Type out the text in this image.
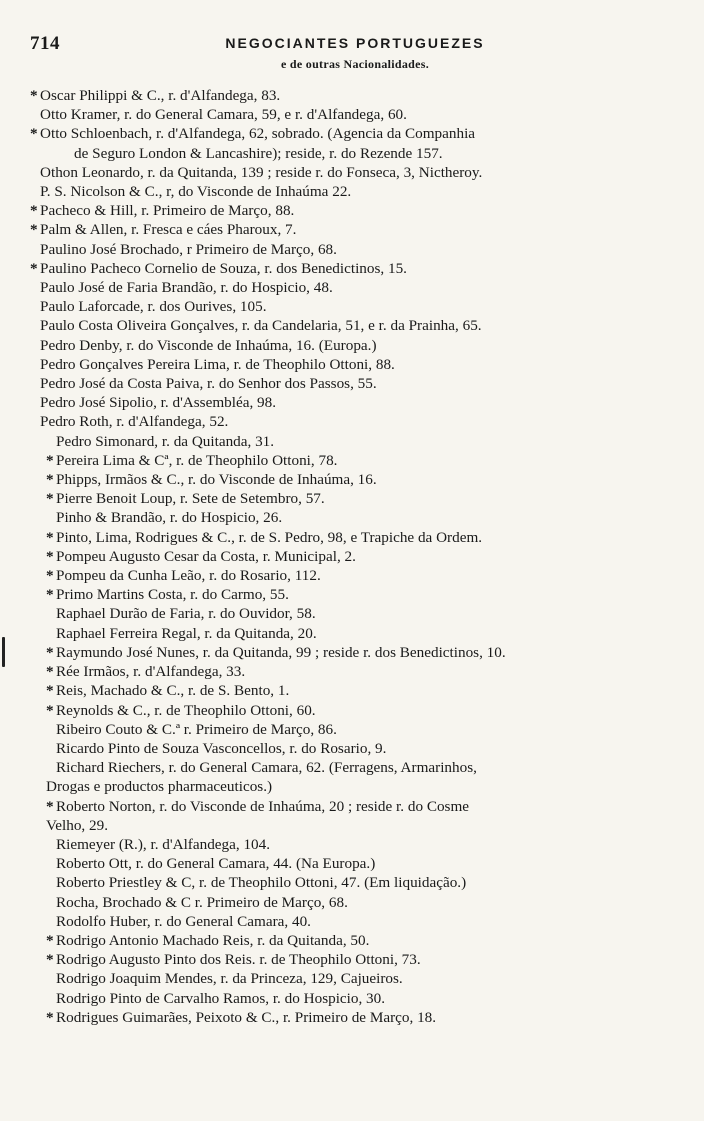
714	NEGOCIANTES PORTUGUEZES
e de outras Nacionalidades.
* Oscar Philippi & C., r. d'Alfandega, 83.
Otto Kramer, r. do General Camara, 59, e r. d'Alfandega, 60.
* Otto Schloenbach, r. d'Alfandega, 62, sobrado. (Agencia da Companhia
de Seguro London & Lancashire); reside, r. do Rezende 157.
Othon Leonardo, r. da Quitanda, 139 ; reside r. do Fonseca, 3, Nictheroy.
P. S. Nicolson & C., r, do Visconde de Inhaúma 22.
* Pacheco & Hill, r. Primeiro de Março, 88.
* Palm & Allen, r. Fresca e cáes Pharoux, 7.
Paulino José Brochado, r Primeiro de Março, 68.
* Paulino Pacheco Cornelio de Souza, r. dos Benedictinos, 15.
Paulo José de Faria Brandão, r. do Hospicio, 48.
Paulo Laforcade, r. dos Ourives, 105.
Paulo Costa Oliveira Gonçalves, r. da Candelaria, 51, e r. da Prainha, 65.
Pedro Denby, r. do Visconde de Inhaúma, 16. (Europa.)
Pedro Gonçalves Pereira Lima, r. de Theophilo Ottoni, 88.
Pedro José da Costa Paiva, r. do Senhor dos Passos, 55.
Pedro José Sipolio, r. d'Assembléa, 98.
Pedro Roth, r. d'Alfandega, 52.
Pedro Simonard, r. da Quitanda, 31.
* Pereira Lima & Cª, r. de Theophilo Ottoni, 78.
* Phipps, Irmãos & C., r. do Visconde de Inhaúma, 16.
* Pierre Benoit Loup, r. Sete de Setembro, 57.
Pinho & Brandão, r. do Hospicio, 26.
* Pinto, Lima, Rodrigues & C., r. de S. Pedro, 98, e Trapiche da Ordem.
* Pompeu Augusto Cesar da Costa, r. Municipal, 2.
* Pompeu da Cunha Leão, r. do Rosario, 112.
* Primo Martins Costa, r. do Carmo, 55.
Raphael Durão de Faria, r. do Ouvidor, 58.
Raphael Ferreira Regal, r. da Quitanda, 20.
* Raymundo José Nunes, r. da Quitanda, 99 ; reside r. dos Benedictinos, 10.
* Rée Irmãos, r. d'Alfandega, 33.
* Reis, Machado & C., r. de S. Bento, 1.
* Reynolds & C., r. de Theophilo Ottoni, 60.
Ribeiro Couto & C.ª r. Primeiro de Março, 86.
Ricardo Pinto de Souza Vasconcellos, r. do Rosario, 9.
Richard Riechers, r. do General Camara, 62. (Ferragens, Armarinhos,
Drogas e productos pharmaceuticos.)
* Roberto Norton, r. do Visconde de Inhaúma, 20 ; reside r. do Cosme
Velho, 29.
Riemeyer (R.), r. d'Alfandega, 104.
Roberto Ott, r. do General Camara, 44. (Na Europa.)
Roberto Priestley & C, r. de Theophilo Ottoni, 47. (Em liquidação.)
Rocha, Brochado & C r. Primeiro de Março, 68.
Rodolfo Huber, r. do General Camara, 40.
* Rodrigo Antonio Machado Reis, r. da Quitanda, 50.
* Rodrigo Augusto Pinto dos Reis. r. de Theophilo Ottoni, 73.
Rodrigo Joaquim Mendes, r. da Princeza, 129, Cajueiros.
Rodrigo Pinto de Carvalho Ramos, r. do Hospicio, 30.
* Rodrigues Guimarães, Peixoto & C., r. Primeiro de Março, 18.
